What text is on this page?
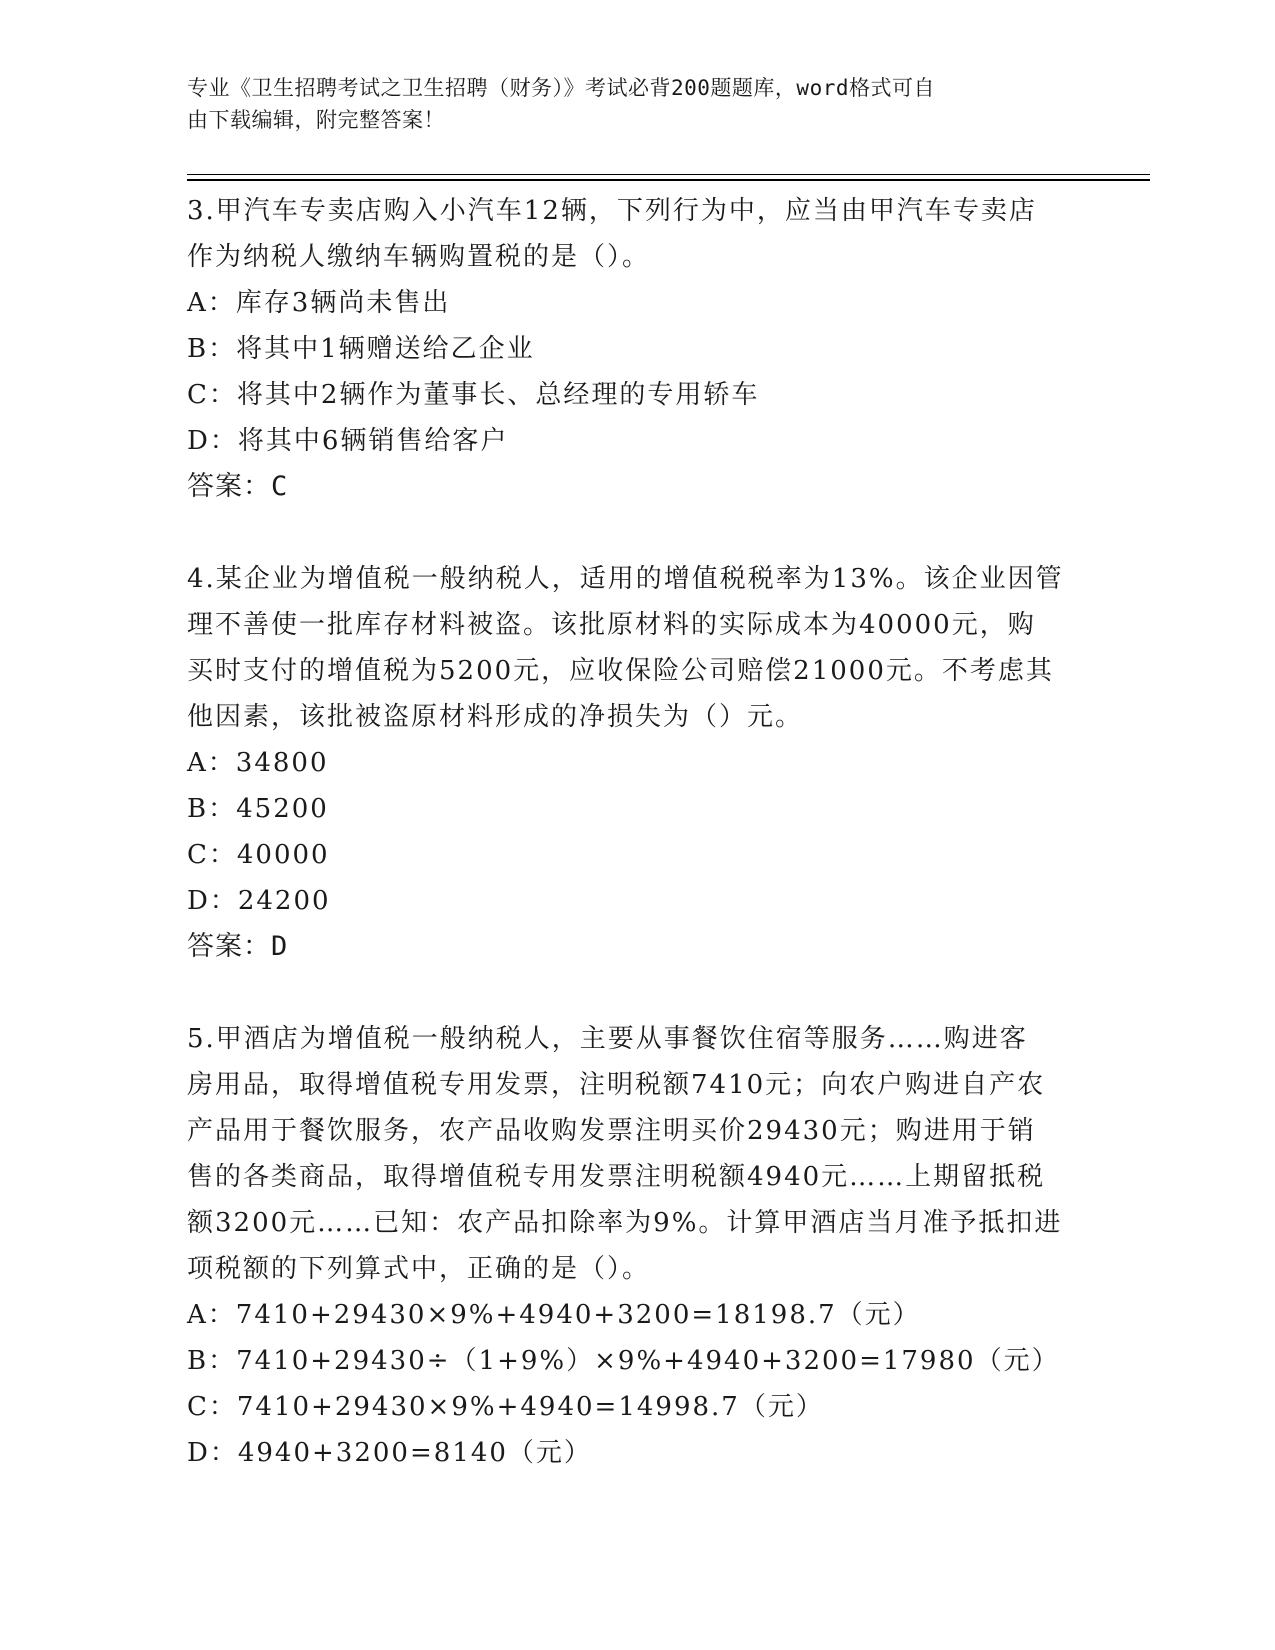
专业《卫生招聘考试之卫生招聘（财务）》考试必背200题题库，word格式可自
由下载编辑，附完整答案！

3.甲汽车专卖店购入小汽车12辆，下列行为中，应当由甲汽车专卖店

作为纳税人缴纳车辆购置税的是（）。

A：库存3辆尚未售出

B：将其中1辆赠送给乙企业

C：将其中2辆作为董事长、总经理的专用轿车

D：将其中6辆销售给客户

答案：C

4.某企业为增值税一般纳税人，适用的增值税税率为13%。该企业因管

理不善使一批库存材料被盗。该批原材料的实际成本为40000元，购

买时支付的增值税为5200元，应收保险公司赔偿21000元。不考虑其

他因素，该批被盗原材料形成的净损失为（）元。

A：34800

B：45200

C：40000

D：24200

答案：D

5.甲酒店为增值税一般纳税人，主要从事餐饮住宿等服务……购进客

房用品，取得增值税专用发票，注明税额7410元；向农户购进自产农

产品用于餐饮服务，农产品收购发票注明买价29430元；购进用于销

售的各类商品，取得增值税专用发票注明税额4940元……上期留抵税

额3200元……已知：农产品扣除率为9%。计算甲酒店当月准予抵扣进

项税额的下列算式中，正确的是（）。

A：7410+29430×9%+4940+3200=18198.7（元）

B：7410+29430÷（1+9%）×9%+4940+3200=17980（元）

C：7410+29430×9%+4940=14998.7（元）

D：4940+3200=8140（元）
